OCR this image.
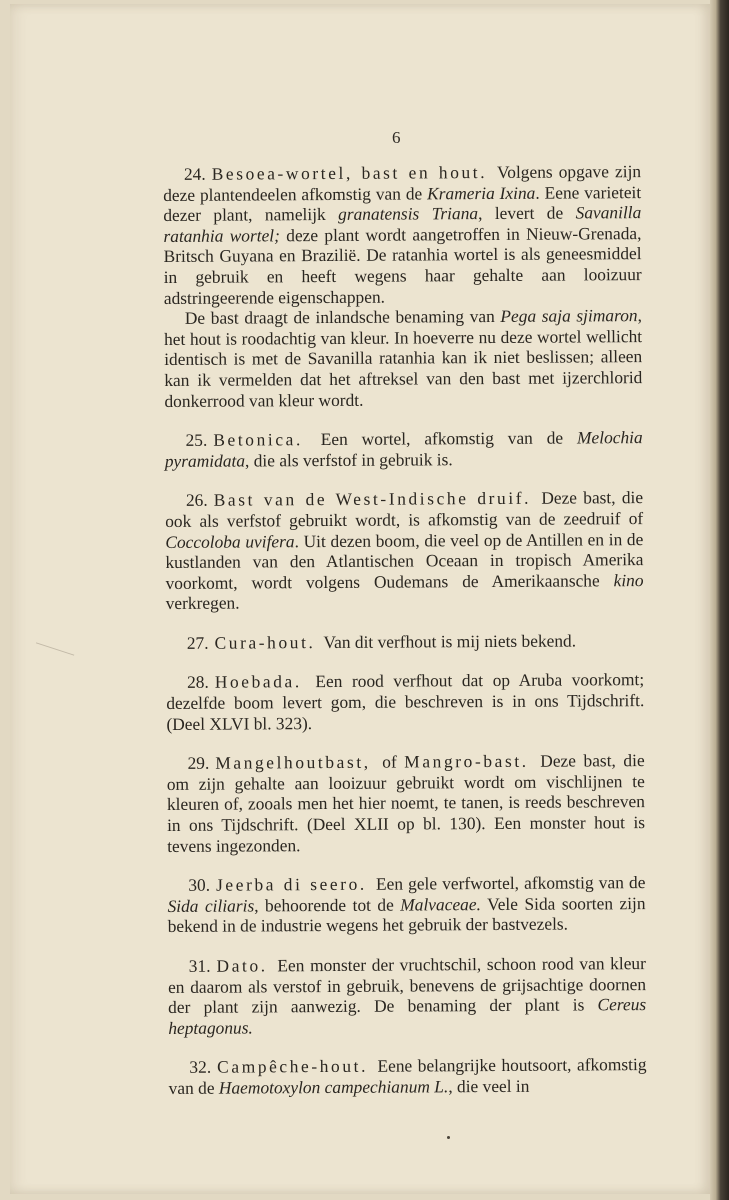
6

24. Besoea-wortel, bast en hout. Volgens opgave zijn deze plantendeelen afkomstig van de Krameria Ixina. Eene varieteit dezer plant, namelijk granatensis Triana, levert de Savanilla ratanhia wortel; deze plant wordt aangetroffen in Nieuw-Grenada, Britsch Guyana en Brazilië. De ratanhia wortel is als geneesmiddel in gebruik en heeft wegens haar gehalte aan looizuur adstringeerende eigenschappen.

De bast draagt de inlandsche benaming van Pega saja sjimaron, het hout is roodachtig van kleur. In hoeverre nu deze wortel wellicht identisch is met de Savanilla ratanhia kan ik niet beslissen; alleen kan ik vermelden dat het aftreksel van den bast met ijzerchlorid donkerrood van kleur wordt.

25. Betonica. Een wortel, afkomstig van de Melochia pyramidata, die als verfstof in gebruik is.

26. Bast van de West-Indische druif. Deze bast, die ook als verfstof gebruikt wordt, is afkomstig van de zeedruif of Coccoloba uvifera. Uit dezen boom, die veel op de Antillen en in de kustlanden van den Atlantischen Oceaan in tropisch Amerika voorkomt, wordt volgens Oudemans de Amerikaansche kino verkregen.

27. Cura-hout. Van dit verfhout is mij niets bekend.

28. Hoebada. Een rood verfhout dat op Aruba voorkomt; dezelfde boom levert gom, die beschreven is in ons Tijdschrift. (Deel XLVI bl. 323).

29. Mangelhoutbast, of Mangro-bast. Deze bast, die om zijn gehalte aan looizuur gebruikt wordt om vischlijnen te kleuren of, zooals men het hier noemt, te tanen, is reeds beschreven in ons Tijdschrift. (Deel XLII op bl. 130). Een monster hout is tevens ingezonden.

30. Jeerba di seero. Een gele verfwortel, afkomstig van de Sida ciliaris, behoorende tot de Malvaceae. Vele Sida soorten zijn bekend in de industrie wegens het gebruik der bastvezels.

31. Dato. Een monster der vruchtschil, schoon rood van kleur en daarom als verstof in gebruik, benevens de grijsachtige doornen der plant zijn aanwezig. De benaming der plant is Cereus heptagonus.

32. Campêche-hout. Eene belangrijke houtsoort, afkomstig van de Haemotoxylon campechianum L., die veel in
